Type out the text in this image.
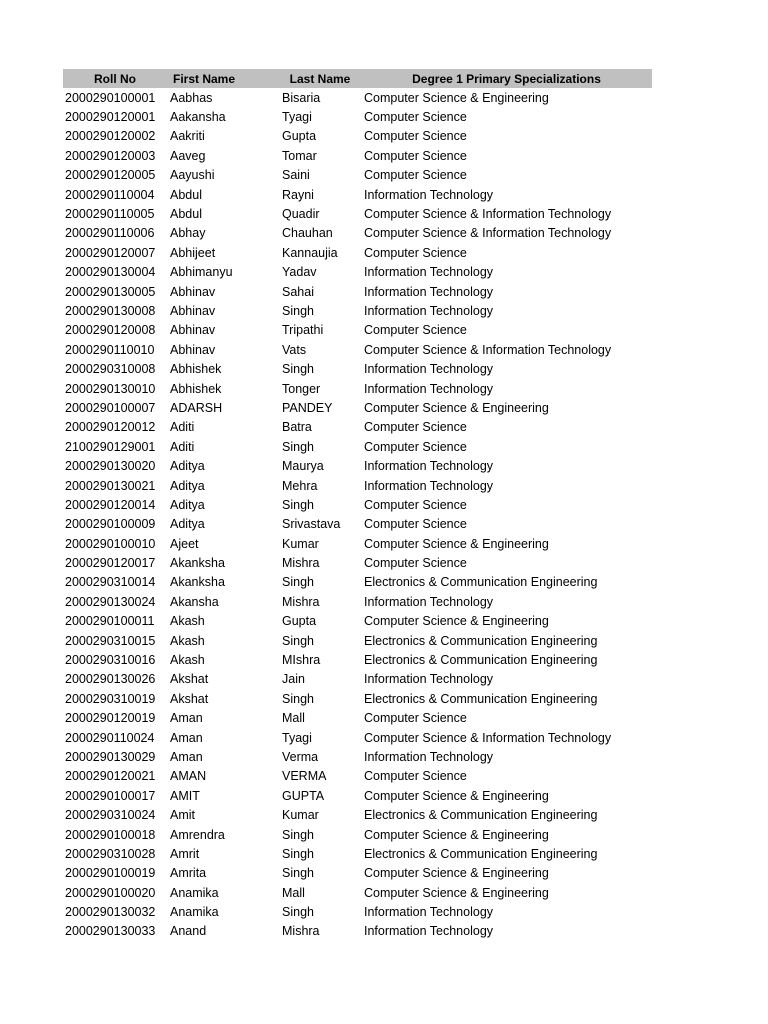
Roll No	First Name	Last Name	Degree 1 Primary Specializations
2000290100001	Aabhas	Bisaria	Computer Science & Engineering
2000290120001	Aakansha	Tyagi	Computer Science
2000290120002	Aakriti	Gupta	Computer Science
2000290120003	Aaveg	Tomar	Computer Science
2000290120005	Aayushi	Saini	Computer Science
2000290110004	Abdul	Rayni	Information Technology
2000290110005	Abdul	Quadir	Computer Science & Information Technology
2000290110006	Abhay	Chauhan	Computer Science & Information Technology
2000290120007	Abhijeet	Kannaujia	Computer Science
2000290130004	Abhimanyu	Yadav	Information Technology
2000290130005	Abhinav	Sahai	Information Technology
2000290130008	Abhinav	Singh	Information Technology
2000290120008	Abhinav	Tripathi	Computer Science
2000290110010	Abhinav	Vats	Computer Science & Information Technology
2000290310008	Abhishek	Singh	Information Technology
2000290130010	Abhishek	Tonger	Information Technology
2000290100007	ADARSH	PANDEY	Computer Science & Engineering
2000290120012	Aditi	Batra	Computer Science
2100290129001	Aditi	Singh	Computer Science
2000290130020	Aditya	Maurya	Information Technology
2000290130021	Aditya	Mehra	Information Technology
2000290120014	Aditya	Singh	Computer Science
2000290100009	Aditya	Srivastava	Computer Science
2000290100010	Ajeet	Kumar	Computer Science & Engineering
2000290120017	Akanksha	Mishra	Computer Science
2000290310014	Akanksha	Singh	Electronics & Communication Engineering
2000290130024	Akansha	Mishra	Information Technology
2000290100011	Akash	Gupta	Computer Science & Engineering
2000290310015	Akash	Singh	Electronics & Communication Engineering
2000290310016	Akash	MIshra	Electronics & Communication Engineering
2000290130026	Akshat	Jain	Information Technology
2000290310019	Akshat	Singh	Electronics & Communication Engineering
2000290120019	Aman	Mall	Computer Science
2000290110024	Aman	Tyagi	Computer Science & Information Technology
2000290130029	Aman	Verma	Information Technology
2000290120021	AMAN	VERMA	Computer Science
2000290100017	AMIT	GUPTA	Computer Science & Engineering
2000290310024	Amit	Kumar	Electronics & Communication Engineering
2000290100018	Amrendra	Singh	Computer Science & Engineering
2000290310028	Amrit	Singh	Electronics & Communication Engineering
2000290100019	Amrita	Singh	Computer Science & Engineering
2000290100020	Anamika	Mall	Computer Science & Engineering
2000290130032	Anamika	Singh	Information Technology
2000290130033	Anand	Mishra	Information Technology
